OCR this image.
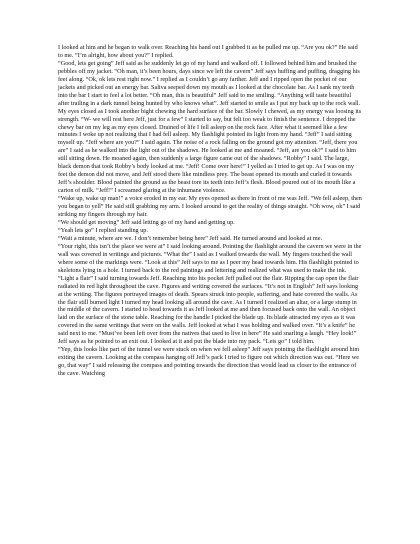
I looked at him and he began to walk over. Reaching his hand out I grabbed it as he pulled me up. “Are you ok?” He said to me. “I’m alright, how about you?” I replied.

“Good, lets get going” Jeff said as he suddenly let go of my hand and walked off. I followed behind him and brushed the pebbles off my jacket. “Oh man, it’s been hours, days since we left the cavern” Jeff says huffing and puffing, dragging his feet along. “Ok, ok lets rest right now.” I replied as I couldn’t go any farther. Jeff and I ripped open the pocket of our jackets and picked out an energy bar. Saliva seeped down my mouth as I looked at the chocolate bar. As I sank my teeth into the bar I start to feel a lot better. “Oh man, this is beautiful” Jeff said to me smiling. “Anything will taste beautiful after trailing in a dark tunnel being hunted by who knows what”. Jeff started to smile as I put my back up to the rock wall. My eyes closed as I took another bight chewing the hard surface of the bar. Slowly I chewed, as my energy was loosing its strength. “W- we will rest here Jeff, just for a few” I started to say, but felt too weak to finish the sentence. I dropped the chewy bar on my leg as my eyes closed. Drained of life I fell asleep on the rock face. After what it seemed like a few minutes I woke up not realizing that I had fell asleep. My flashlight pointed its light from my hand. “Jeff” I said sitting myself up. “Jeff where are you?” I said again. The noise of a rock falling on the ground got my attention. “Jeff, there you are” I said as he walked into the light out of the shadows. He looked at me and moaned. “Jeff, are you ok?” I said to him still sitting down. He moaned again, then suddenly a large figure came out of the shadows. “Robby” I said. The large, black demon that took Robby’s body looked at me. “Jeff! Come over here!” I yelled as I tried to get up. As I was on my feet the demon did not move, and Jeff stood there like mindless prey. The beast opened its mouth and curled it towards Jeff’s shoulder. Blood painted the ground as the beast tore its teeth into Jeff’s flesh. Blood poured out of its mouth like a carton of milk. “Jeff!” I screamed glaring at the inhumane violence.

“Wake up, wake up man!” a voice eroded in my ear. My eyes opened as there in front of me was Jeff. “We fell asleep, then you began to yell” He said still grabbing my arm. I looked around to get the reality of things straight. “Oh wow, ok” I said striking my fingers through my hair.

“We should get moving” Jeff said letting go of my hand and getting up.

“Yeah lets go” I replied standing up.

“Wait a minute, where are we. I don’t remember being here” Jeff said. He turned around and looked at me.

“Your right, this isn’t the place we were at” I said looking around. Pointing the flashlight around the cavern we were in the wall was covered in writings and pictures. “What the” I said as I walked towards the wall. My fingers touched the wall where some of the markings were. “Look at this” Jeff says to me as I peer my head towards him. His flashlight pointed to skeletons lying in a hole. I turned back to the red paintings and lettering and realized what was used to make the ink. “Light a flair” I said turning towards Jeff. Reaching into his pocket Jeff pulled out the flair. Ripping the cap open the flair radiated its red light throughout the cave. Figures and writing covered the surfaces. “It’s not in English” Jeff says looking at the writing. The figures portrayed images of death. Spears struck into people, suffering, and hate covered the walls. As the flair still burned light I turned my head looking all around the cave. As I turned I realized an altar, or a large stump in the middle of the cavern. I started to head towards it as Jeff looked at me and then focused back onto the wall. An object laid on the surface of the stone table. Reaching for the handle I picked the blade up. Its blade attracted my eyes as it was covered in the same writings that were on the walls. Jeff looked at what I was holding and walked over. “It’s a knife” he said next to me. “Must’ve been left over from the natives that used to live in here” He said snarling a laugh. “Hey look!” Jeff says as he pointed to an exit out. I looked at it and put the blade into my pack. “Lets go” I told him.

“Yep, this looks like part of the tunnel we were stuck on when we fell asleep” Jeff says pointing the flashlight around him exiting the cavern. Looking at the compass hanging off Jeff’s pack I tried to figure out which direction was out. “Here we go, that way” I said releasing the compass and pointing towards the direction that would lead us closer to the entrance of the cave. Watching
